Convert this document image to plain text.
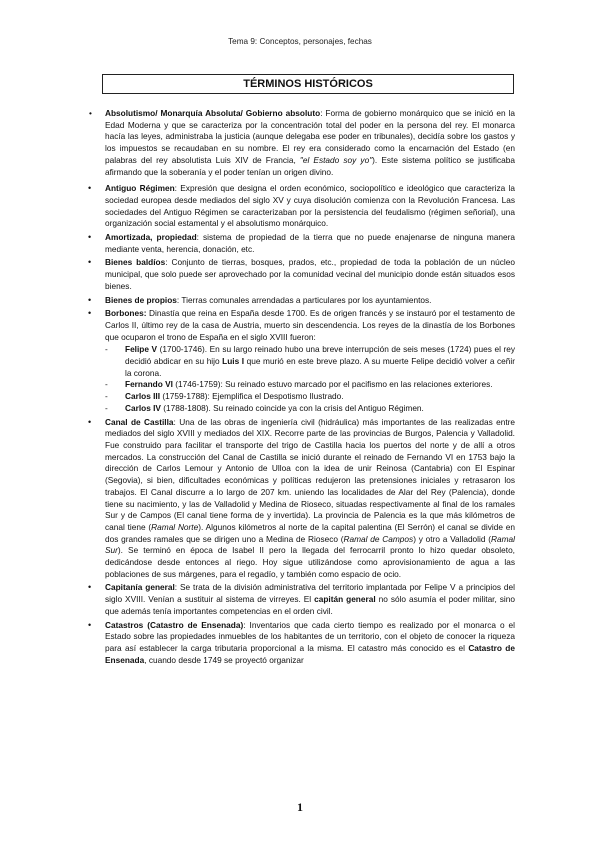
Tema 9: Conceptos, personajes, fechas
TÉRMINOS HISTÓRICOS
• Absolutismo/ Monarquía Absoluta/ Gobierno absoluto: Forma de gobierno monárquico que se inició en la Edad Moderna y que se caracteriza por la concentración total del poder en la persona del rey. El monarca hacía las leyes, administraba la justicia (aunque delegaba ese poder en tribunales), decidía sobre los gastos y los impuestos se recaudaban en su nombre. El rey era considerado como la encarnación del Estado (en palabras del rey absolutista Luis XIV de Francia, "el Estado soy yo"). Este sistema político se justificaba afirmando que la soberanía y el poder tenían un origen divino.
• Antiguo Régimen: Expresión que designa el orden económico, sociopolítico e ideológico que caracteriza la sociedad europea desde mediados del siglo XV y cuya disolución comienza con la Revolución Francesa. Las sociedades del Antiguo Régimen se caracterizaban por la persistencia del feudalismo (régimen señorial), una organización social estamental y el absolutismo monárquico.
• Amortizada, propiedad: sistema de propiedad de la tierra que no puede enajenarse de ninguna manera mediante venta, herencia, donación, etc.
• Bienes baldíos: Conjunto de tierras, bosques, prados, etc., propiedad de toda la población de un núcleo municipal, que solo puede ser aprovechado por la comunidad vecinal del municipio donde están situados esos bienes.
• Bienes de propios: Tierras comunales arrendadas a particulares por los ayuntamientos.
• Borbones: Dinastía que reina en España desde 1700. Es de origen francés y se instauró por el testamento de Carlos II, último rey de la casa de Austria, muerto sin descendencia. Los reyes de la dinastía de los Borbones que ocuparon el trono de España en el siglo XVIII fueron:
- Felipe V (1700-1746). En su largo reinado hubo una breve interrupción de seis meses (1724) pues el rey decidió abdicar en su hijo Luis I que murió en este breve plazo. A su muerte Felipe decidió volver a ceñir la corona.
- Fernando VI (1746-1759): Su reinado estuvo marcado por el pacifismo en las relaciones exteriores.
- Carlos III (1759-1788): Ejemplifica el Despotismo Ilustrado.
- Carlos IV (1788-1808). Su reinado coincide ya con la crisis del Antiguo Régimen.
• Canal de Castilla: Una de las obras de ingeniería civil (hidráulica) más importantes de las realizadas entre mediados del siglo XVIII y mediados del XIX. Recorre parte de las provincias de Burgos, Palencia y Valladolid. Fue construido para facilitar el transporte del trigo de Castilla hacia los puertos del norte y de allí a otros mercados. La construcción del Canal de Castilla se inició durante el reinado de Fernando VI en 1753 bajo la dirección de Carlos Lemour y Antonio de Ulloa con la idea de unir Reinosa (Cantabria) con El Espinar (Segovia), si bien, dificultades económicas y políticas redujeron las pretensiones iniciales y retrasaron los trabajos. El Canal discurre a lo largo de 207 km. uniendo las localidades de Alar del Rey (Palencia), donde tiene su nacimiento, y las de Valladolid y Medina de Rioseco, situadas respectivamente al final de los ramales Sur y de Campos (El canal tiene forma de y invertida). La provincia de Palencia es la que más kilómetros de canal tiene (Ramal Norte). Algunos kilómetros al norte de la capital palentina (El Serrón) el canal se divide en dos grandes ramales que se dirigen uno a Medina de Rioseco (Ramal de Campos) y otro a Valladolid (Ramal Sur). Se terminó en época de Isabel II pero la llegada del ferrocarril pronto lo hizo quedar obsoleto, dedicándose desde entonces al riego. Hoy sigue utilizándose como aprovisionamiento de agua a las poblaciones de sus márgenes, para el regadío, y también como espacio de ocio.
• Capitanía general: Se trata de la división administrativa del territorio implantada por Felipe V a principios del siglo XVIII. Venían a sustituir al sistema de virreyes. El capitán general no sólo asumía el poder militar, sino que además tenía importantes competencias en el orden civil.
• Catastros (Catastro de Ensenada): Inventarios que cada cierto tiempo es realizado por el monarca o el Estado sobre las propiedades inmuebles de los habitantes de un territorio, con el objeto de conocer la riqueza para así establecer la carga tributaria proporcional a la misma. El catastro más conocido es el Catastro de Ensenada, cuando desde 1749 se proyectó organizar
1
